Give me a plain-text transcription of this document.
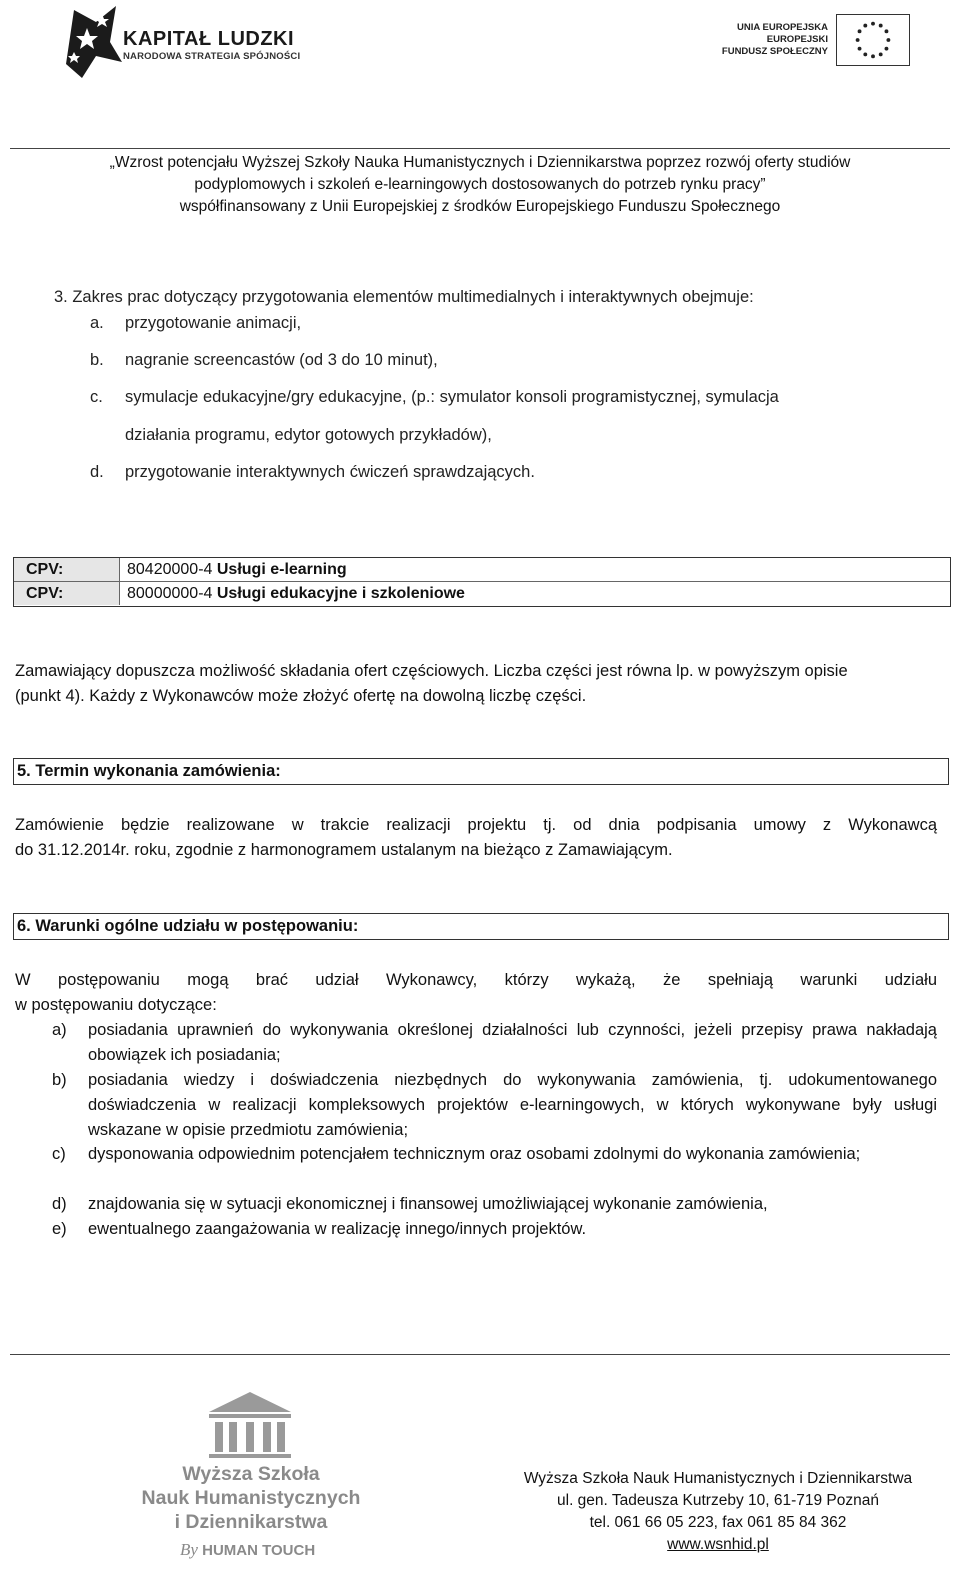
KAPITAŁ LUDZKI
NARODOWA STRATEGIA SPÓJNOŚCI
UNIA EUROPEJSKA
EUROPEJSKI
FUNDUSZ SPOŁECZNY
„Wzrost potencjału Wyższej Szkoły Nauka Humanistycznych i Dziennikarstwa poprzez rozwój oferty studiów
podyplomowych i szkoleń e-learningowych dostosowanych do potrzeb rynku pracy”
współfinansowany z Unii Europejskiej z środków Europejskiego Funduszu Społecznego
3. Zakres prac dotyczący przygotowania elementów multimedialnych i interaktywnych obejmuje:
a. przygotowanie animacji,
b. nagranie screencastów (od 3 do 10 minut),
c. symulacje edukacyjne/gry edukacyjne, (p.: symulator konsoli programistycznej, symulacja
działania programu, edytor gotowych przykładów),
d. przygotowanie interaktywnych ćwiczeń sprawdzających.
CPV:	80420000-4 Usługi e-learning
CPV:	80000000-4 Usługi edukacyjne i szkoleniowe
Zamawiający dopuszcza możliwość składania ofert częściowych. Liczba części jest równa lp. w powyższym opisie
(punkt 4). Każdy z Wykonawców może złożyć ofertę na dowolną liczbę części.
5. Termin wykonania zamówienia:
Zamówienie będzie realizowane w trakcie realizacji projektu tj. od dnia podpisania umowy z Wykonawcą
do 31.12.2014r. roku, zgodnie z harmonogramem ustalanym na bieżąco z Zamawiającym.
6. Warunki ogólne udziału w postępowaniu:
W postępowaniu mogą brać udział Wykonawcy, którzy wykażą, że spełniają warunki udziału
w postępowaniu dotyczące:
a) posiadania uprawnień do wykonywania określonej działalności lub czynności, jeżeli przepisy prawa nakładają obowiązek ich posiadania;
b) posiadania wiedzy i doświadczenia niezbędnych do wykonywania zamówienia, tj. udokumentowanego doświadczenia w realizacji kompleksowych projektów e-learningowych, w których wykonywane były usługi wskazane w opisie przedmiotu zamówienia;
c) dysponowania odpowiednim potencjałem technicznym oraz osobami zdolnymi do wykonania zamówienia;
d) znajdowania się w sytuacji ekonomicznej i finansowej umożliwiającej wykonanie zamówienia,
e) ewentualnego zaangażowania w realizację innego/innych projektów.
Wyższa Szkoła
Nauk Humanistycznych
i Dziennikarstwa
By HUMAN TOUCH
Wyższa Szkoła Nauk Humanistycznych i Dziennikarstwa
ul. gen. Tadeusza Kutrzeby 10, 61-719 Poznań
tel. 061 66 05 223, fax 061 85 84 362
www.wsnhid.pl
